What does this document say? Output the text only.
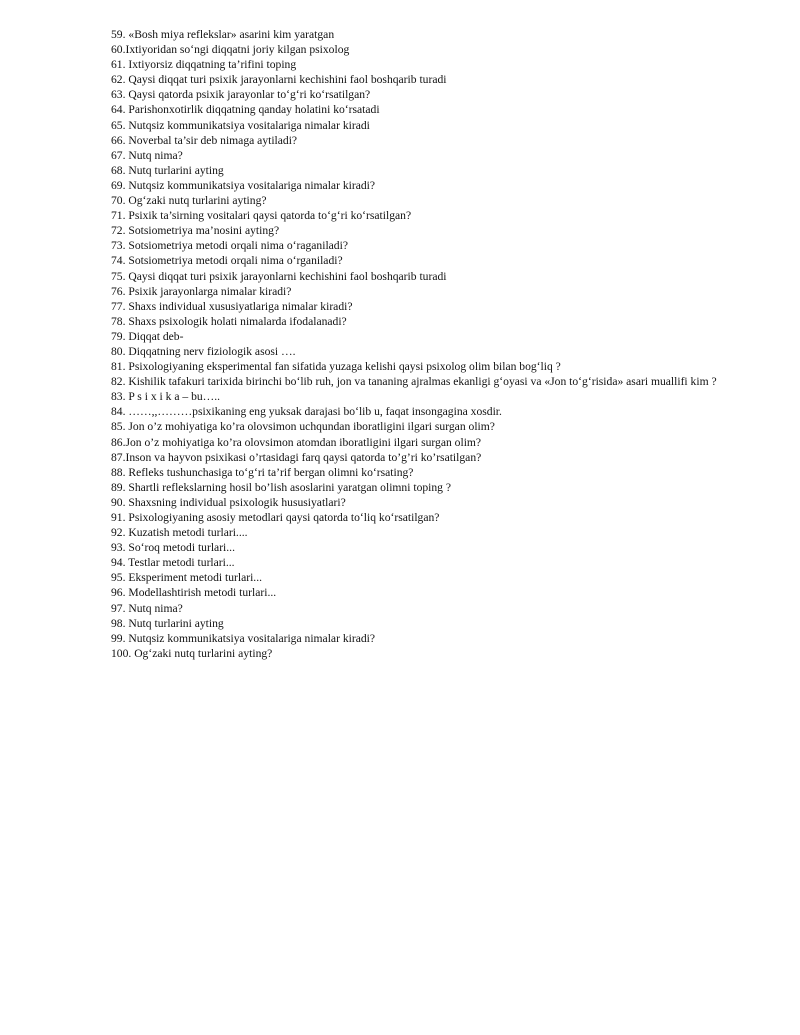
59. «Bosh miya reflekslar» asarini kim yaratgan
60.Ixtiyoridan so‘ngi diqqatni joriy kilgan psixolog
61. Ixtiyorsiz diqqatning ta’rifini toping
62. Qaysi diqqat turi psixik jarayonlarni kechishini faol boshqarib turadi
63. Qaysi qatorda psixik jarayonlar to‘g‘ri ko‘rsatilgan?
64. Parishonxotirlik diqqatning qanday holatini ko‘rsatadi
65. Nutqsiz kommunikatsiya vositalariga nimalar kiradi
66. Noverbal ta’sir deb nimaga aytiladi?
67. Nutq nima?
68. Nutq turlarini ayting
69. Nutqsiz kommunikatsiya vositalariga nimalar kiradi?
70. Og‘zaki nutq turlarini ayting?
71. Psixik ta’sirning vositalari qaysi qatorda to‘g‘ri ko‘rsatilgan?
72. Sotsiometriya ma’nosini ayting?
73. Sotsiometriya metodi orqali nima o‘raganiladi?
74. Sotsiometriya metodi orqali nima o‘rganiladi?
75. Qaysi diqqat turi psixik jarayonlarni kechishini faol boshqarib turadi
76. Psixik jarayonlarga nimalar kiradi?
77. Shaxs individual xususiyatlariga nimalar kiradi?
78. Shaxs psixologik holati nimalarda ifodalanadi?
79. Diqqat deb-
80. Diqqatning nerv fiziologik asosi ….
81. Psixologiyaning eksperimental fan sifatida yuzaga kelishi qaysi psixolog olim bilan bog‘liq ?
82. Kishilik tafakuri tarixida birinchi bo‘lib ruh, jon va tananing ajralmas ekanligi g‘oyasi va «Jon to‘g‘risida» asari muallifi kim ?
83. P s i x i k a – bu…..
84. ……,,………psixikaning eng yuksak darajasi bo‘lib u, faqat insongagina xosdir.
85. Jon o’z mohiyatiga ko’ra olovsimon uchqundan iboratligini ilgari surgan olim?
86.Jon o’z mohiyatiga ko’ra olovsimon atomdan iboratligini ilgari surgan olim?
87.Inson va hayvon psixikasi o’rtasidagi farq qaysi qatorda to’g’ri ko’rsatilgan?
88. Refleks tushunchasiga to‘g‘ri ta’rif bergan olimni ko‘rsating?
89. Shartli reflekslarning hosil bo’lish asoslarini yaratgan olimni toping ?
90. Shaxsning individual psixologik hususiyatlari?
91. Psixologiyaning asosiy metodlari qaysi qatorda to‘liq ko‘rsatilgan?
92. Kuzatish metodi turlari....
93. So‘roq metodi turlari...
94. Testlar metodi turlari...
95. Eksperiment metodi turlari...
96. Modellashtirish metodi turlari...
97. Nutq nima?
98. Nutq turlarini ayting
99. Nutqsiz kommunikatsiya vositalariga nimalar kiradi?
100. Og‘zaki nutq turlarini ayting?
